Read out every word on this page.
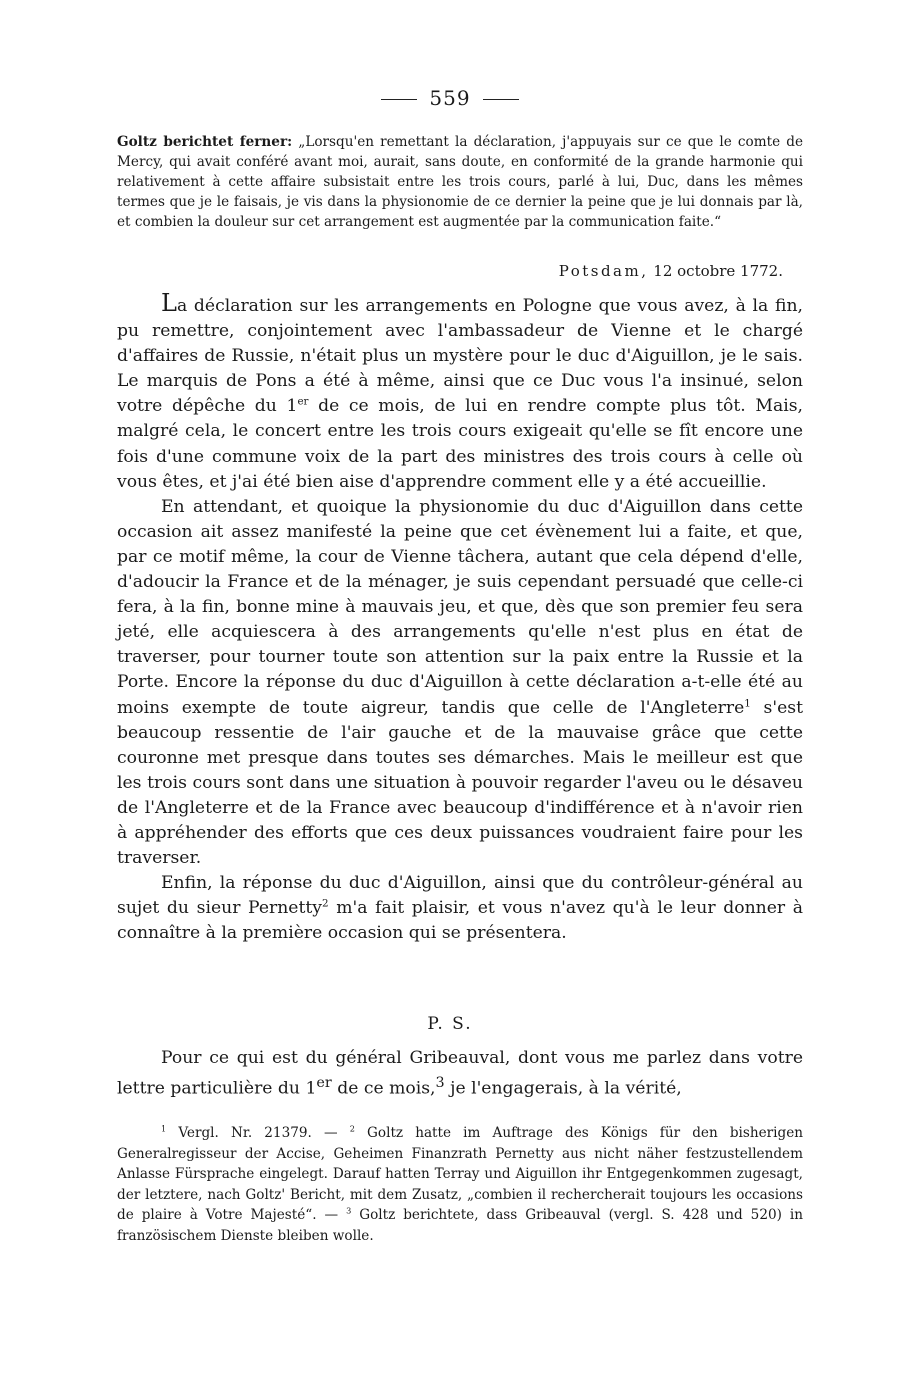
559
Goltz berichtet ferner: „Lorsqu'en remettant la déclaration, j'appuyais sur ce que le comte de Mercy, qui avait conféré avant moi, aurait, sans doute, en conformité de la grande harmonie qui relativement à cette affaire subsistait entre les trois cours, parlé à lui, Duc, dans les mêmes termes que je le faisais, je vis dans la physionomie de ce dernier la peine que je lui donnais par là, et combien la douleur sur cet arrangement est augmentée par la communication faite.“
Potsdam, 12 octobre 1772.

La déclaration sur les arrangements en Pologne que vous avez, à la fin, pu remettre, conjointement avec l'ambassadeur de Vienne et le chargé d'affaires de Russie, n'était plus un mystère pour le duc d'Aiguillon, je le sais. Le marquis de Pons a été à même, ainsi que ce Duc vous l'a insinué, selon votre dépêche du 1er de ce mois, de lui en rendre compte plus tôt. Mais, malgré cela, le concert entre les trois cours exigeait qu'elle se fît encore une fois d'une commune voix de la part des ministres des trois cours à celle où vous êtes, et j'ai été bien aise d'apprendre comment elle y a été accueillie.

En attendant, et quoique la physionomie du duc d'Aiguillon dans cette occasion ait assez manifesté la peine que cet évènement lui a faite, et que, par ce motif même, la cour de Vienne tâchera, autant que cela dépend d'elle, d'adoucir la France et de la ménager, je suis cependant persuadé que celle-ci fera, à la fin, bonne mine à mauvais jeu, et que, dès que son premier feu sera jeté, elle acquiescera à des arrangements qu'elle n'est plus en état de traverser, pour tourner toute son attention sur la paix entre la Russie et la Porte. Encore la réponse du duc d'Aiguillon à cette déclaration a-t-elle été au moins exempte de toute aigreur, tandis que celle de l'Angleterre$^1$ s'est beaucoup ressentie de l'air gauche et de la mauvaise grâce que cette couronne met presque dans toutes ses démarches. Mais le meilleur est que les trois cours sont dans une situation à pouvoir regarder l'aveu ou le désaveu de l'Angleterre et de la France avec beaucoup d'indifférence et à n'avoir rien à appréhender des efforts que ces deux puissances voudraient faire pour les traverser.

Enfin, la réponse du duc d'Aiguillon, ainsi que du contrôleur-général au sujet du sieur Pernetty$^2$ m'a fait plaisir, et vous n'avez qu'à le leur donner à connaître à la première occasion qui se présentera.

P. S.

Pour ce qui est du général Gribeauval, dont vous me parlez dans votre lettre particulière du 1er de ce mois,$^3$ je l'engagerais, à la vérité,

$^1$ Vergl. Nr. 21379. — $^2$ Goltz hatte im Auftrage des Königs für den bisherigen Generalregisseur der Accise, Geheimen Finanzrath Pernetty aus nicht näher festzustellendem Anlasse Fürsprache eingelegt. Darauf hatten Terray und Aiguillon ihr Entgegenkommen zugesagt, der letztere, nach Goltz' Bericht, mit dem Zusatz, „combien il rechercherait toujours les occasions de plaire à Votre Majesté“. — $^3$ Goltz berichtete, dass Gribeauval (vergl. S. 428 und 520) in französischem Dienste bleiben wolle.
